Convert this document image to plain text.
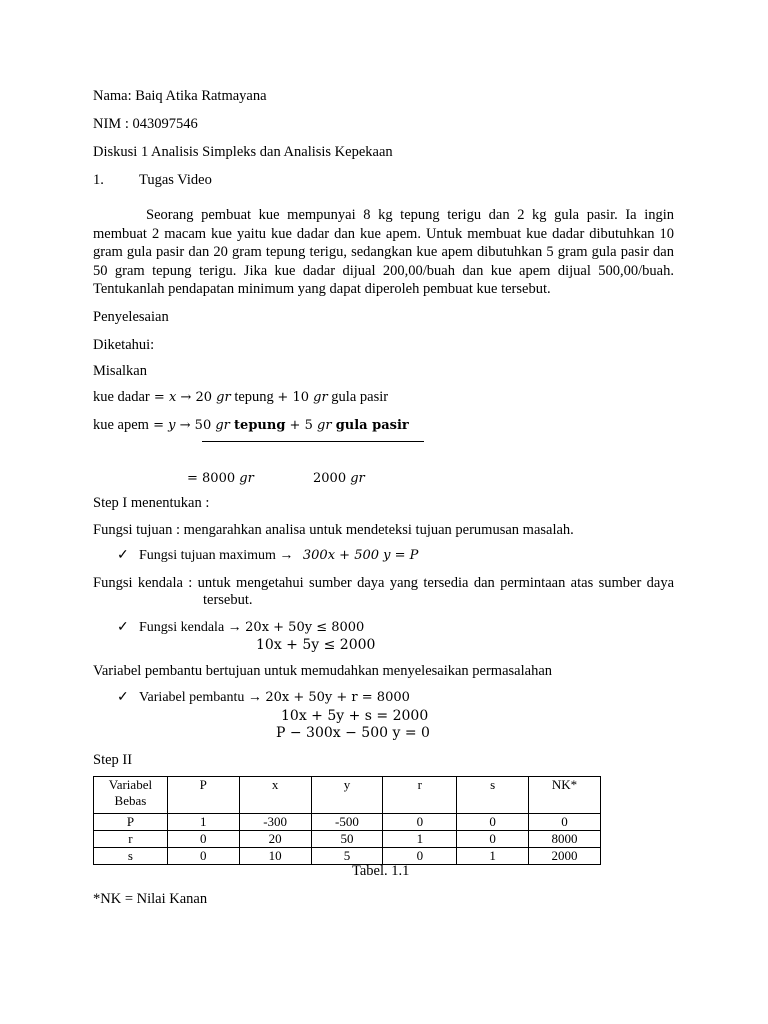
Nama: Baiq Atika Ratmayana
NIM : 043097546
Diskusi 1 Analisis Simpleks dan Analisis Kepekaan
1. Tugas Video
Seorang pembuat kue mempunyai 8 kg tepung terigu dan 2 kg gula pasir. Ia ingin membuat 2 macam kue yaitu kue dadar dan kue apem. Untuk membuat kue dadar dibutuhkan 10 gram gula pasir dan 20 gram tepung terigu, sedangkan kue apem dibutuhkan 5 gram gula pasir dan 50 gram tepung terigu. Jika kue dadar dijual 200,00/buah dan kue apem dijual 500,00/buah. Tentukanlah pendapatan minimum yang dapat diperoleh pembuat kue tersebut.
Penyelesaian
Diketahui:
Misalkan
kue dadar = x → 20 gr tepung + 10 gr gula pasir
kue apem = y → 50 gr tepung + 5 gr gula pasir
= 8000 gr	2000 gr
Step I menentukan :
Fungsi tujuan : mengarahkan analisa untuk mendeteksi tujuan perumusan masalah.
✓ Fungsi tujuan maximum → 300x + 500 y = P
Fungsi kendala : untuk mengetahui sumber daya yang tersedia dan permintaan atas sumber daya tersebut.
✓ Fungsi kendala → 20x + 50y ≤ 8000
10x + 5y ≤ 2000
Variabel pembantu bertujuan untuk memudahkan menyelesaikan permasalahan
✓ Variabel pembantu → 20x + 50y + r = 8000
10x + 5y + s = 2000
P − 300x − 500 y = 0
Step II
Variabel Bebas	P	x	y	r	s	NK*
P	1	-300	-500	0	0	0
r	0	20	50	1	0	8000
s	0	10	5	0	1	2000
Tabel. 1.1
*NK = Nilai Kanan
